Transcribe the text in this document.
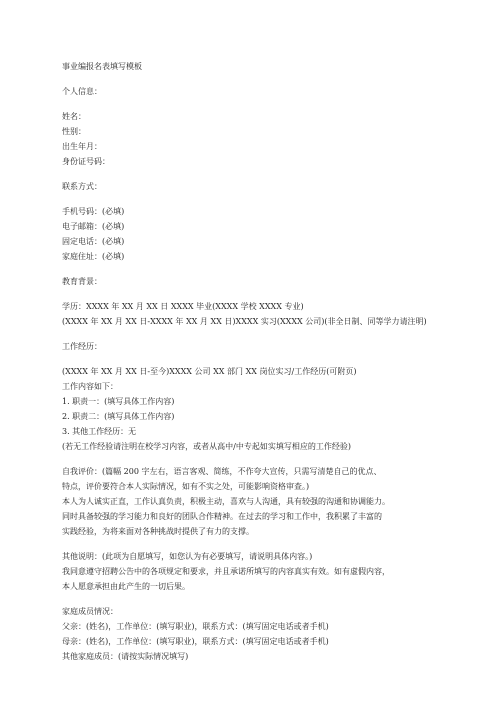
事业编报名表填写模板

个人信息：

姓名：

性别：

出生年月：

身份证号码：

联系方式：

手机号码：(必填)

电子邮箱：(必填)

固定电话：(必填)

家庭住址：(必填)

教育背景：

学历：XXXX 年 XX 月 XX 日 XXXX 毕业(XXXX 学校 XXXX 专业)

(XXXX 年 XX 月 XX 日-XXXX 年 XX 月 XX 日)XXXX 实习(XXXX 公司)(非全日制、同等学力请注明)

工作经历：

(XXXX 年 XX 月 XX 日-至今)XXXX 公司 XX 部门 XX 岗位实习/工作经历(可附页)

工作内容如下：

1. 职责一：(填写具体工作内容)

2. 职责二：(填写具体工作内容)

3. 其他工作经历：无

(若无工作经验请注明在校学习内容，或者从高中/中专起如实填写相应的工作经验)

自我评价：(篇幅 200 字左右，语言客观、简练，不作夸大宣传，只需写清楚自己的优点、

特点，评价要符合本人实际情况，如有不实之处，可能影响资格审查。)

本人为人诚实正直，工作认真负责，积极主动，喜欢与人沟通，具有较强的沟通和协调能力。

同时具备较强的学习能力和良好的团队合作精神。在过去的学习和工作中，我积累了丰富的

实践经验，为将来面对各种挑战时提供了有力的支撑。

其他说明：(此项为自愿填写，如您认为有必要填写，请说明具体内容。)

我同意遵守招聘公告中的各项规定和要求，并且承诺所填写的内容真实有效。如有虚假内容，

本人愿意承担由此产生的一切后果。

家庭成员情况：

父亲：(姓名)，工作单位：(填写职业)，联系方式：(填写固定电话或者手机)

母亲：(姓名)，工作单位：(填写职业)，联系方式：(填写固定电话或者手机)

其他家庭成员：(请按实际情况填写)
